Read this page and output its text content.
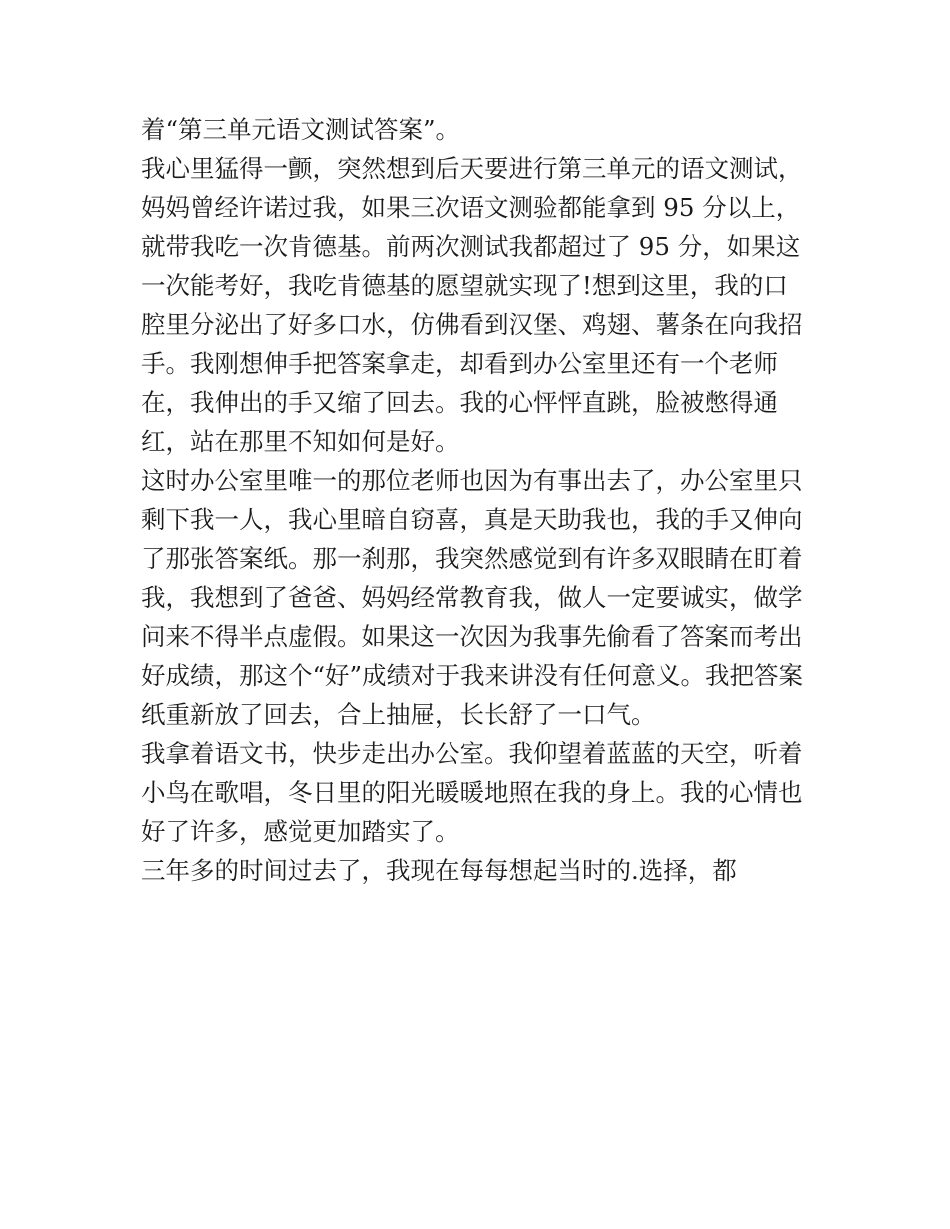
着“第三单元语文测试答案”。

我心里猛得一颤，突然想到后天要进行第三单元的语文测试，

妈妈曾经许诺过我，如果三次语文测验都能拿到 95 分以上，

就带我吃一次肯德基。前两次测试我都超过了 95 分，如果这

一次能考好，我吃肯德基的愿望就实现了!想到这里，我的口

腔里分泌出了好多口水，仿佛看到汉堡、鸡翅、薯条在向我招

手。我刚想伸手把答案拿走，却看到办公室里还有一个老师

在，我伸出的手又缩了回去。我的心怦怦直跳，脸被憋得通

红，站在那里不知如何是好。

这时办公室里唯一的那位老师也因为有事出去了，办公室里只

剩下我一人，我心里暗自窃喜，真是天助我也，我的手又伸向

了那张答案纸。那一刹那，我突然感觉到有许多双眼睛在盯着

我，我想到了爸爸、妈妈经常教育我，做人一定要诚实，做学

问来不得半点虚假。如果这一次因为我事先偷看了答案而考出

好成绩，那这个“好”成绩对于我来讲没有任何意义。我把答案

纸重新放了回去，合上抽屉，长长舒了一口气。

我拿着语文书，快步走出办公室。我仰望着蓝蓝的天空，听着

小鸟在歌唱，冬日里的阳光暖暖地照在我的身上。我的心情也

好了许多，感觉更加踏实了。

三年多的时间过去了，我现在每每想起当时的.选择，都
